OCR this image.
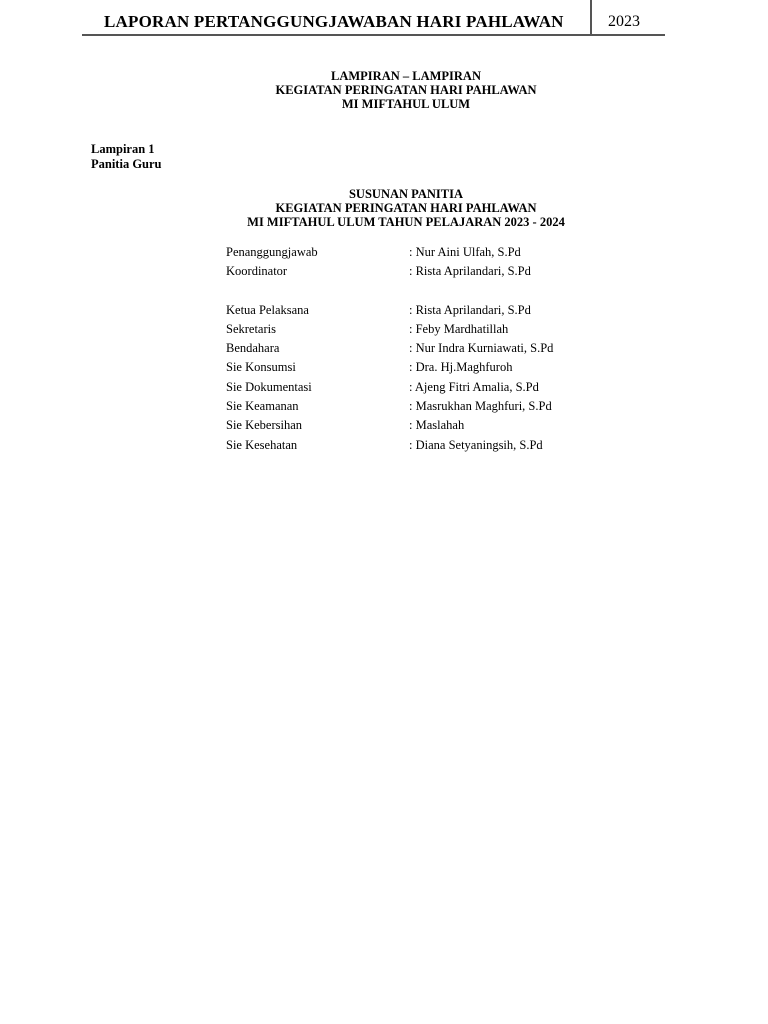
LAPORAN PERTANGGUNGJAWABAN HARI PAHLAWAN	2023
LAMPIRAN – LAMPIRAN
KEGIATAN PERINGATAN HARI PAHLAWAN
MI MIFTAHUL ULUM
Lampiran 1
Panitia Guru
SUSUNAN PANITIA
KEGIATAN PERINGATAN HARI PAHLAWAN
MI MIFTAHUL ULUM TAHUN PELAJARAN 2023 - 2024
Penanggungjawab	: Nur Aini Ulfah, S.Pd
Koordinator	: Rista Aprilandari, S.Pd
Ketua Pelaksana	: Rista Aprilandari, S.Pd
Sekretaris	: Feby Mardhatillah
Bendahara	: Nur Indra Kurniawati, S.Pd
Sie Konsumsi	: Dra. Hj.Maghfuroh
Sie Dokumentasi	: Ajeng Fitri Amalia, S.Pd
Sie Keamanan	: Masrukhan Maghfuri, S.Pd
Sie Kebersihan	: Maslahah
Sie Kesehatan	: Diana Setyaningsih, S.Pd
